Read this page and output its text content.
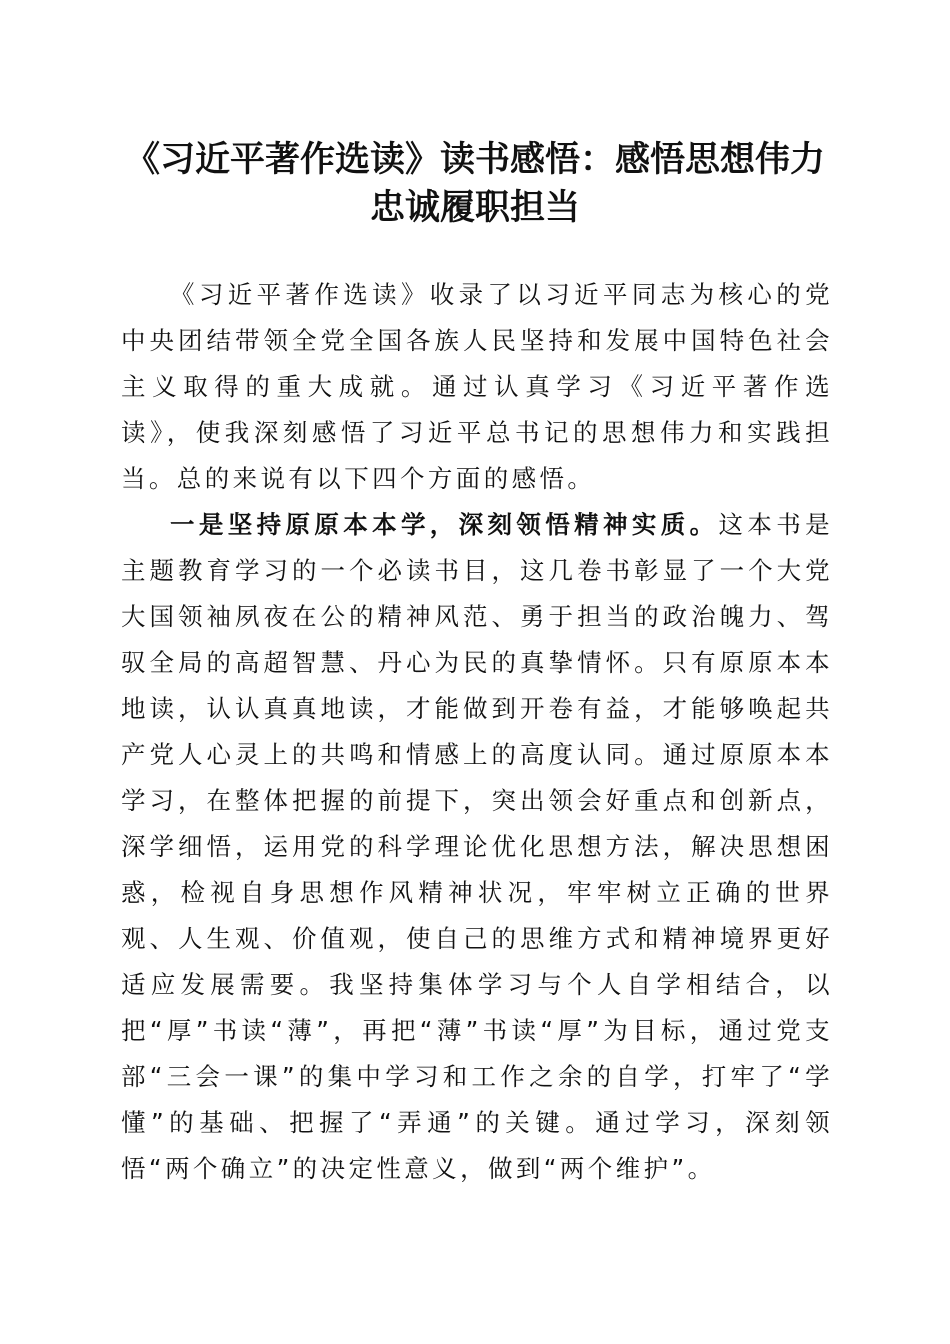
《习近平著作选读》读书感悟：感悟思想伟力
忠诚履职担当

《习近平著作选读》收录了以习近平同志为核心的党中央团结带领全党全国各族人民坚持和发展中国特色社会主义取得的重大成就。通过认真学习《习近平著作选读》，使我深刻感悟了习近平总书记的思想伟力和实践担当。总的来说有以下四个方面的感悟。

一是坚持原原本本学，深刻领悟精神实质。这本书是主题教育学习的一个必读书目，这几卷书彰显了一个大党大国领袖夙夜在公的精神风范、勇于担当的政治魄力、驾驭全局的高超智慧、丹心为民的真挚情怀。只有原原本本地读，认认真真地读，才能做到开卷有益，才能够唤起共产党人心灵上的共鸣和情感上的高度认同。通过原原本本学习，在整体把握的前提下，突出领会好重点和创新点，深学细悟，运用党的科学理论优化思想方法，解决思想困惑，检视自身思想作风精神状况，牢牢树立正确的世界观、人生观、价值观，使自己的思维方式和精神境界更好适应发展需要。我坚持集体学习与个人自学相结合，以把“厚”书读“薄”，再把“薄”书读“厚”为目标，通过党支部“三会一课”的集中学习和工作之余的自学，打牢了“学懂”的基础、把握了“弄通”的关键。通过学习，深刻领悟“两个确立”的决定性意义，做到“两个维护”。
